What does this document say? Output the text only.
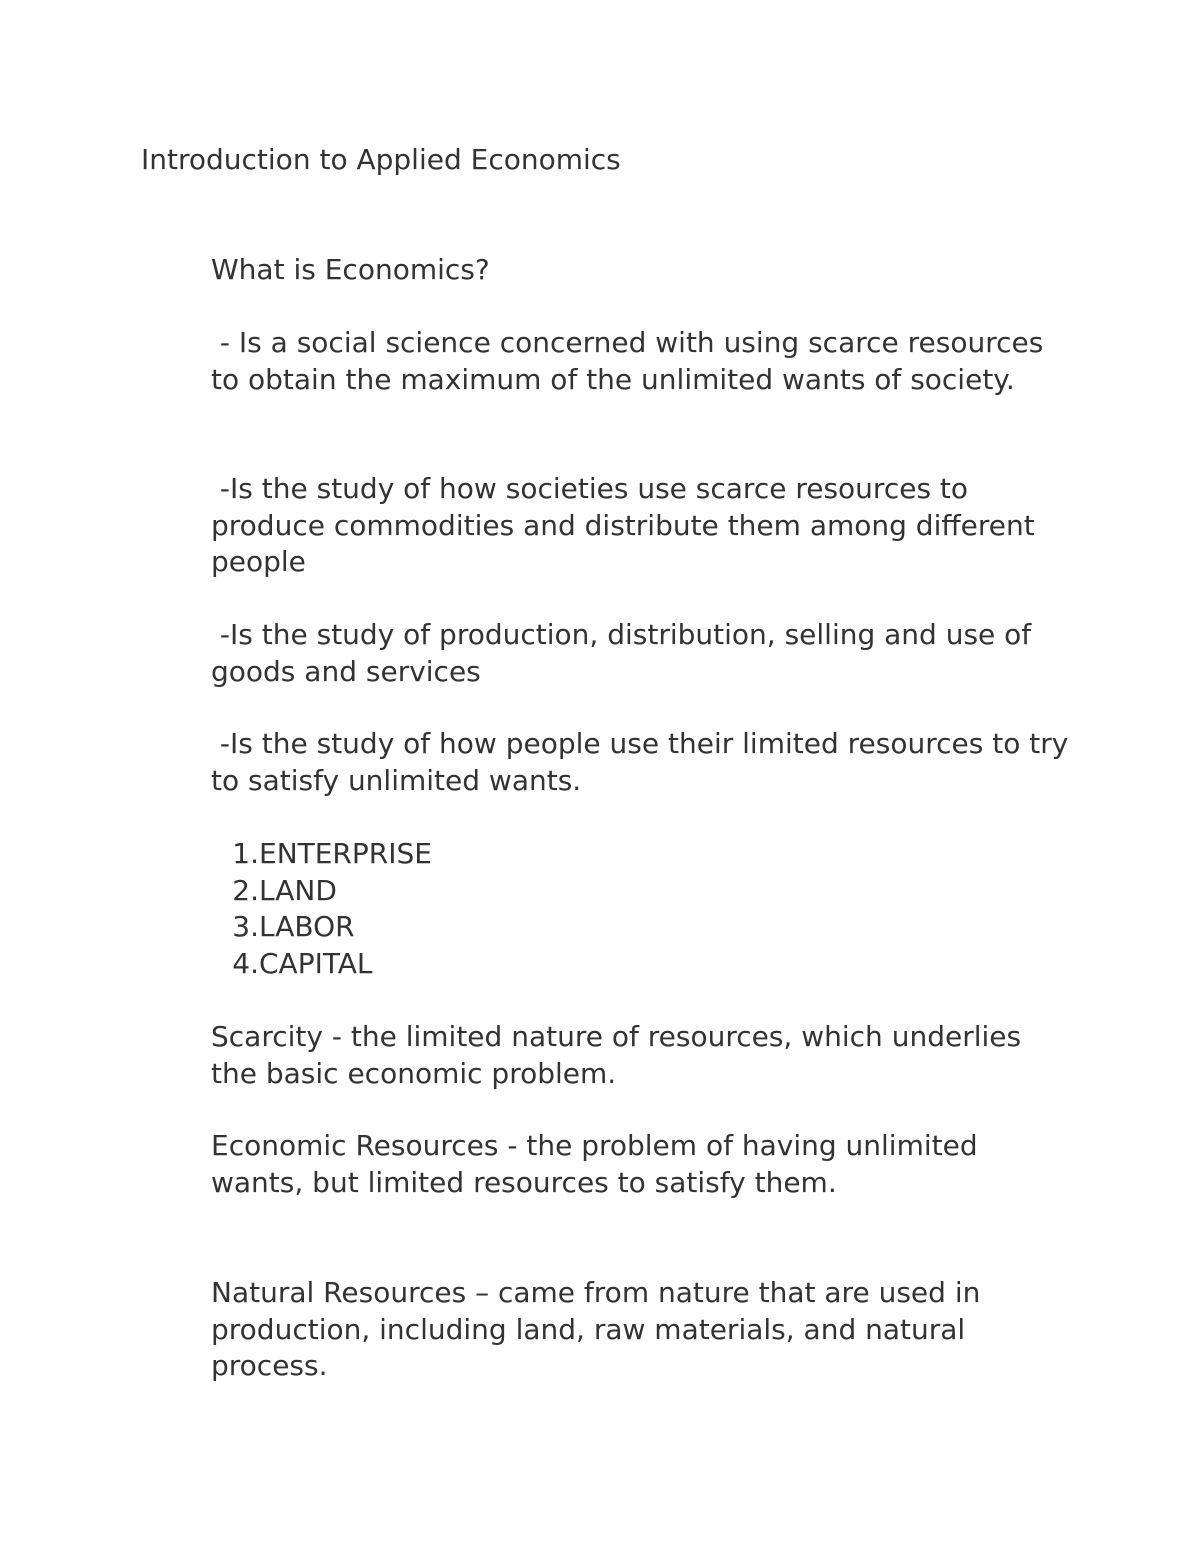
Introduction to Applied Economics

What is Economics?

- Is a social science concerned with using scarce resources to obtain the maximum of the unlimited wants of society.

-Is the study of how societies use scarce resources to produce commodities and distribute them among different people

-Is the study of production, distribution, selling and use of goods and services

-Is the study of how people use their limited resources to try to satisfy unlimited wants.

1. ENTERPRISE
2. LAND
3. LABOR
4. CAPITAL

Scarcity - the limited nature of resources, which underlies the basic economic problem.

Economic Resources - the problem of having unlimited wants, but limited resources to satisfy them.

Natural Resources – came from nature that are used in production, including land, raw materials, and natural process.
